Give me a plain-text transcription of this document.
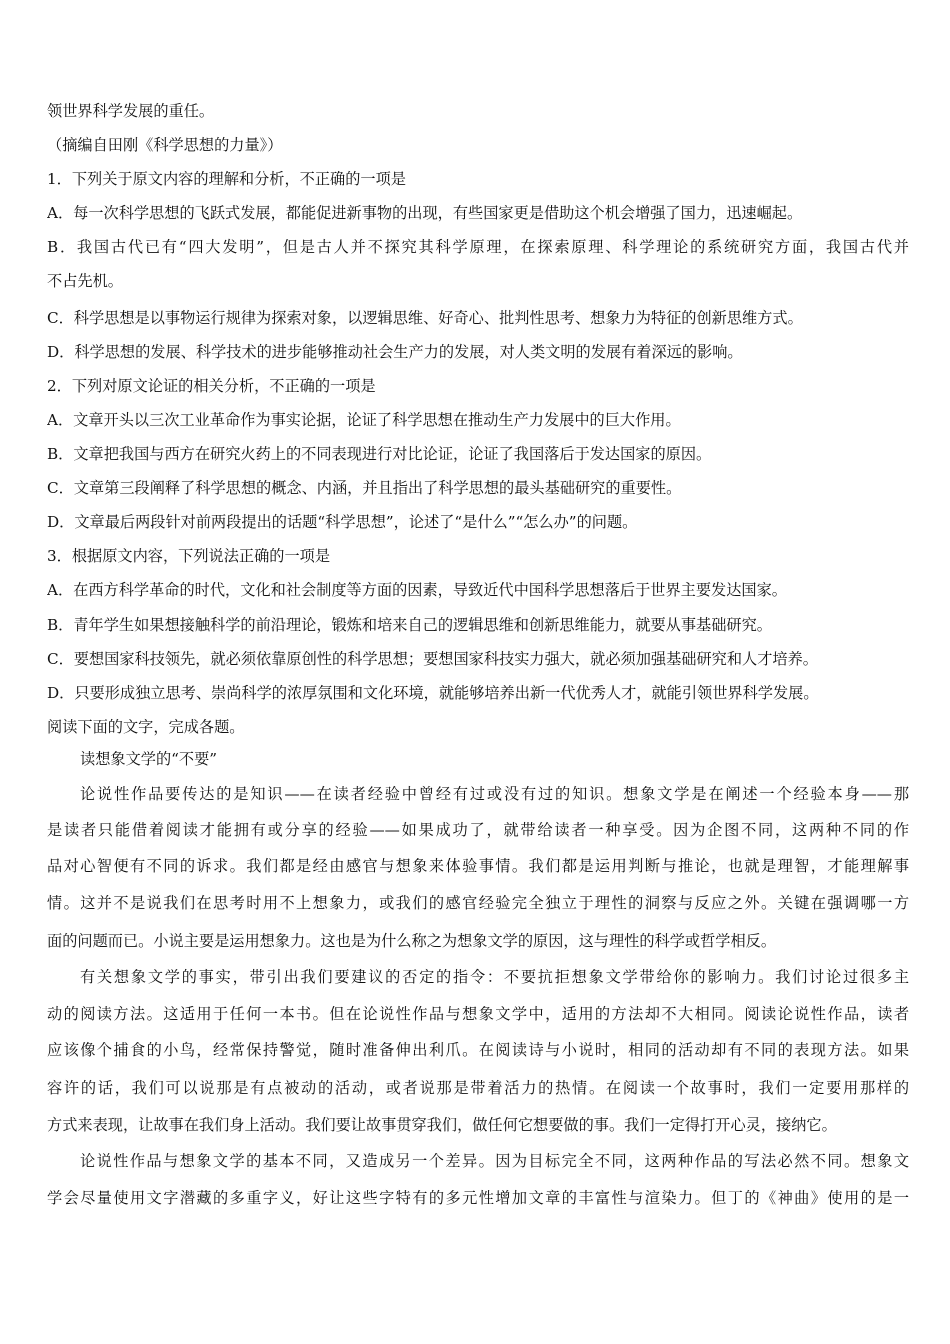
领世界科学发展的重任。
（摘编自田刚《科学思想的力量》）
1．下列关于原文内容的理解和分析，不正确的一项是
A．每一次科学思想的飞跃式发展，都能促进新事物的出现，有些国家更是借助这个机会增强了国力，迅速崛起。
B．我国古代已有“四大发明”，但是古人并不探究其科学原理，在探索原理、科学理论的系统研究方面，我国古代并
不占先机。
C．科学思想是以事物运行规律为探索对象，以逻辑思维、好奇心、批判性思考、想象力为特征的创新思维方式。
D．科学思想的发展、科学技术的进步能够推动社会生产力的发展，对人类文明的发展有着深远的影响。
2．下列对原文论证的相关分析，不正确的一项是
A．文章开头以三次工业革命作为事实论据，论证了科学思想在推动生产力发展中的巨大作用。
B．文章把我国与西方在研究火药上的不同表现进行对比论证，论证了我国落后于发达国家的原因。
C．文章第三段阐释了科学思想的概念、内涵，并且指出了科学思想的最头基础研究的重要性。
D．文章最后两段针对前两段提出的话题“科学思想”，论述了“是什么”“怎么办”的问题。
3．根据原文内容，下列说法正确的一项是
A．在西方科学革命的时代，文化和社会制度等方面的因素，导致近代中国科学思想落后于世界主要发达国家。
B．青年学生如果想接触科学的前沿理论，锻炼和培来自己的逻辑思维和创新思维能力，就要从事基础研究。
C．要想国家科技领先，就必须依靠原创性的科学思想；要想国家科技实力强大，就必须加强基础研究和人才培养。
D．只要形成独立思考、崇尚科学的浓厚氛围和文化环境，就能够培养出新一代优秀人才，就能引领世界科学发展。
阅读下面的文字，完成各题。
读想象文学的“不要”
论说性作品要传达的是知识——在读者经验中曾经有过或没有过的知识。想象文学是在阐述一个经验本身——那
是读者只能借着阅读才能拥有或分享的经验——如果成功了，就带给读者一种享受。因为企图不同，这两种不同的作
品对心智便有不同的诉求。我们都是经由感官与想象来体验事情。我们都是运用判断与推论，也就是理智，才能理解事
情。这并不是说我们在思考时用不上想象力，或我们的感官经验完全独立于理性的洞察与反应之外。关键在强调哪一方
面的问题而已。小说主要是运用想象力。这也是为什么称之为想象文学的原因，这与理性的科学或哲学相反。
有关想象文学的事实，带引出我们要建议的否定的指令：不要抗拒想象文学带给你的影响力。我们讨论过很多主
动的阅读方法。这适用于任何一本书。但在论说性作品与想象文学中，适用的方法却不大相同。阅读论说性作品，读者
应该像个捕食的小鸟，经常保持警觉，随时准备伸出利爪。在阅读诗与小说时，相同的活动却有不同的表现方法。如果
容许的话，我们可以说那是有点被动的活动，或者说那是带着活力的热情。在阅读一个故事时，我们一定要用那样的
方式来表现，让故事在我们身上活动。我们要让故事贯穿我们，做任何它想要做的事。我们一定得打开心灵，接纳它。
论说性作品与想象文学的基本不同，又造成另一个差异。因为目标完全不同，这两种作品的写法必然不同。想象文
学会尽量使用文字潜藏的多重字义，好让这些字特有的多元性增加文章的丰富性与渲染力。但丁的《神曲》使用的是一
